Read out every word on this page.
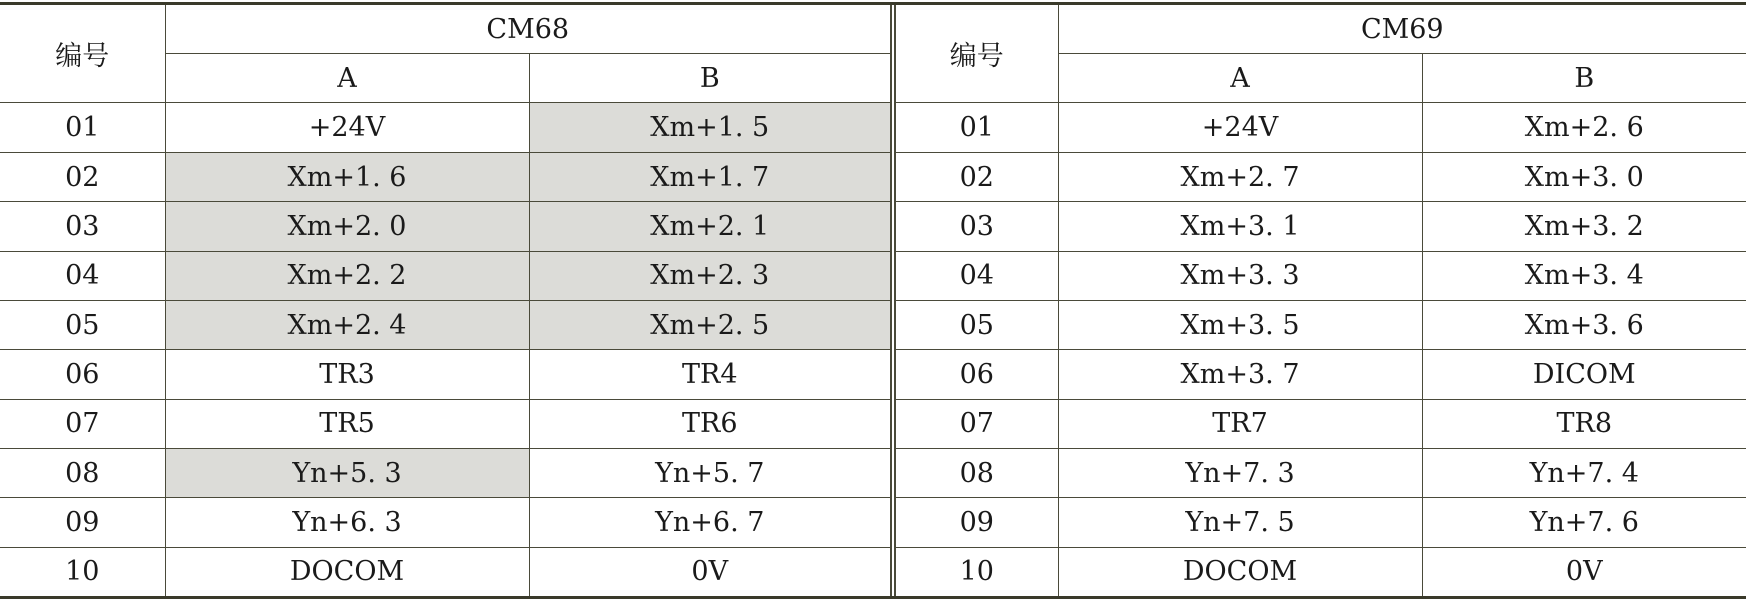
编号	CM68		编号	CM69	
	A	B		A	B
01	+24V	Xm+1. 5	01	+24V	Xm+2. 6
02	Xm+1. 6	Xm+1. 7	02	Xm+2. 7	Xm+3. 0
03	Xm+2. 0	Xm+2. 1	03	Xm+3. 1	Xm+3. 2
04	Xm+2. 2	Xm+2. 3	04	Xm+3. 3	Xm+3. 4
05	Xm+2. 4	Xm+2. 5	05	Xm+3. 5	Xm+3. 6
06	TR3	TR4	06	Xm+3. 7	DICOM
07	TR5	TR6	07	TR7	TR8
08	Yn+5. 3	Yn+5. 7	08	Yn+7. 3	Yn+7. 4
09	Yn+6. 3	Yn+6. 7	09	Yn+7. 5	Yn+7. 6
10	DOCOM	0V	10	DOCOM	0V
